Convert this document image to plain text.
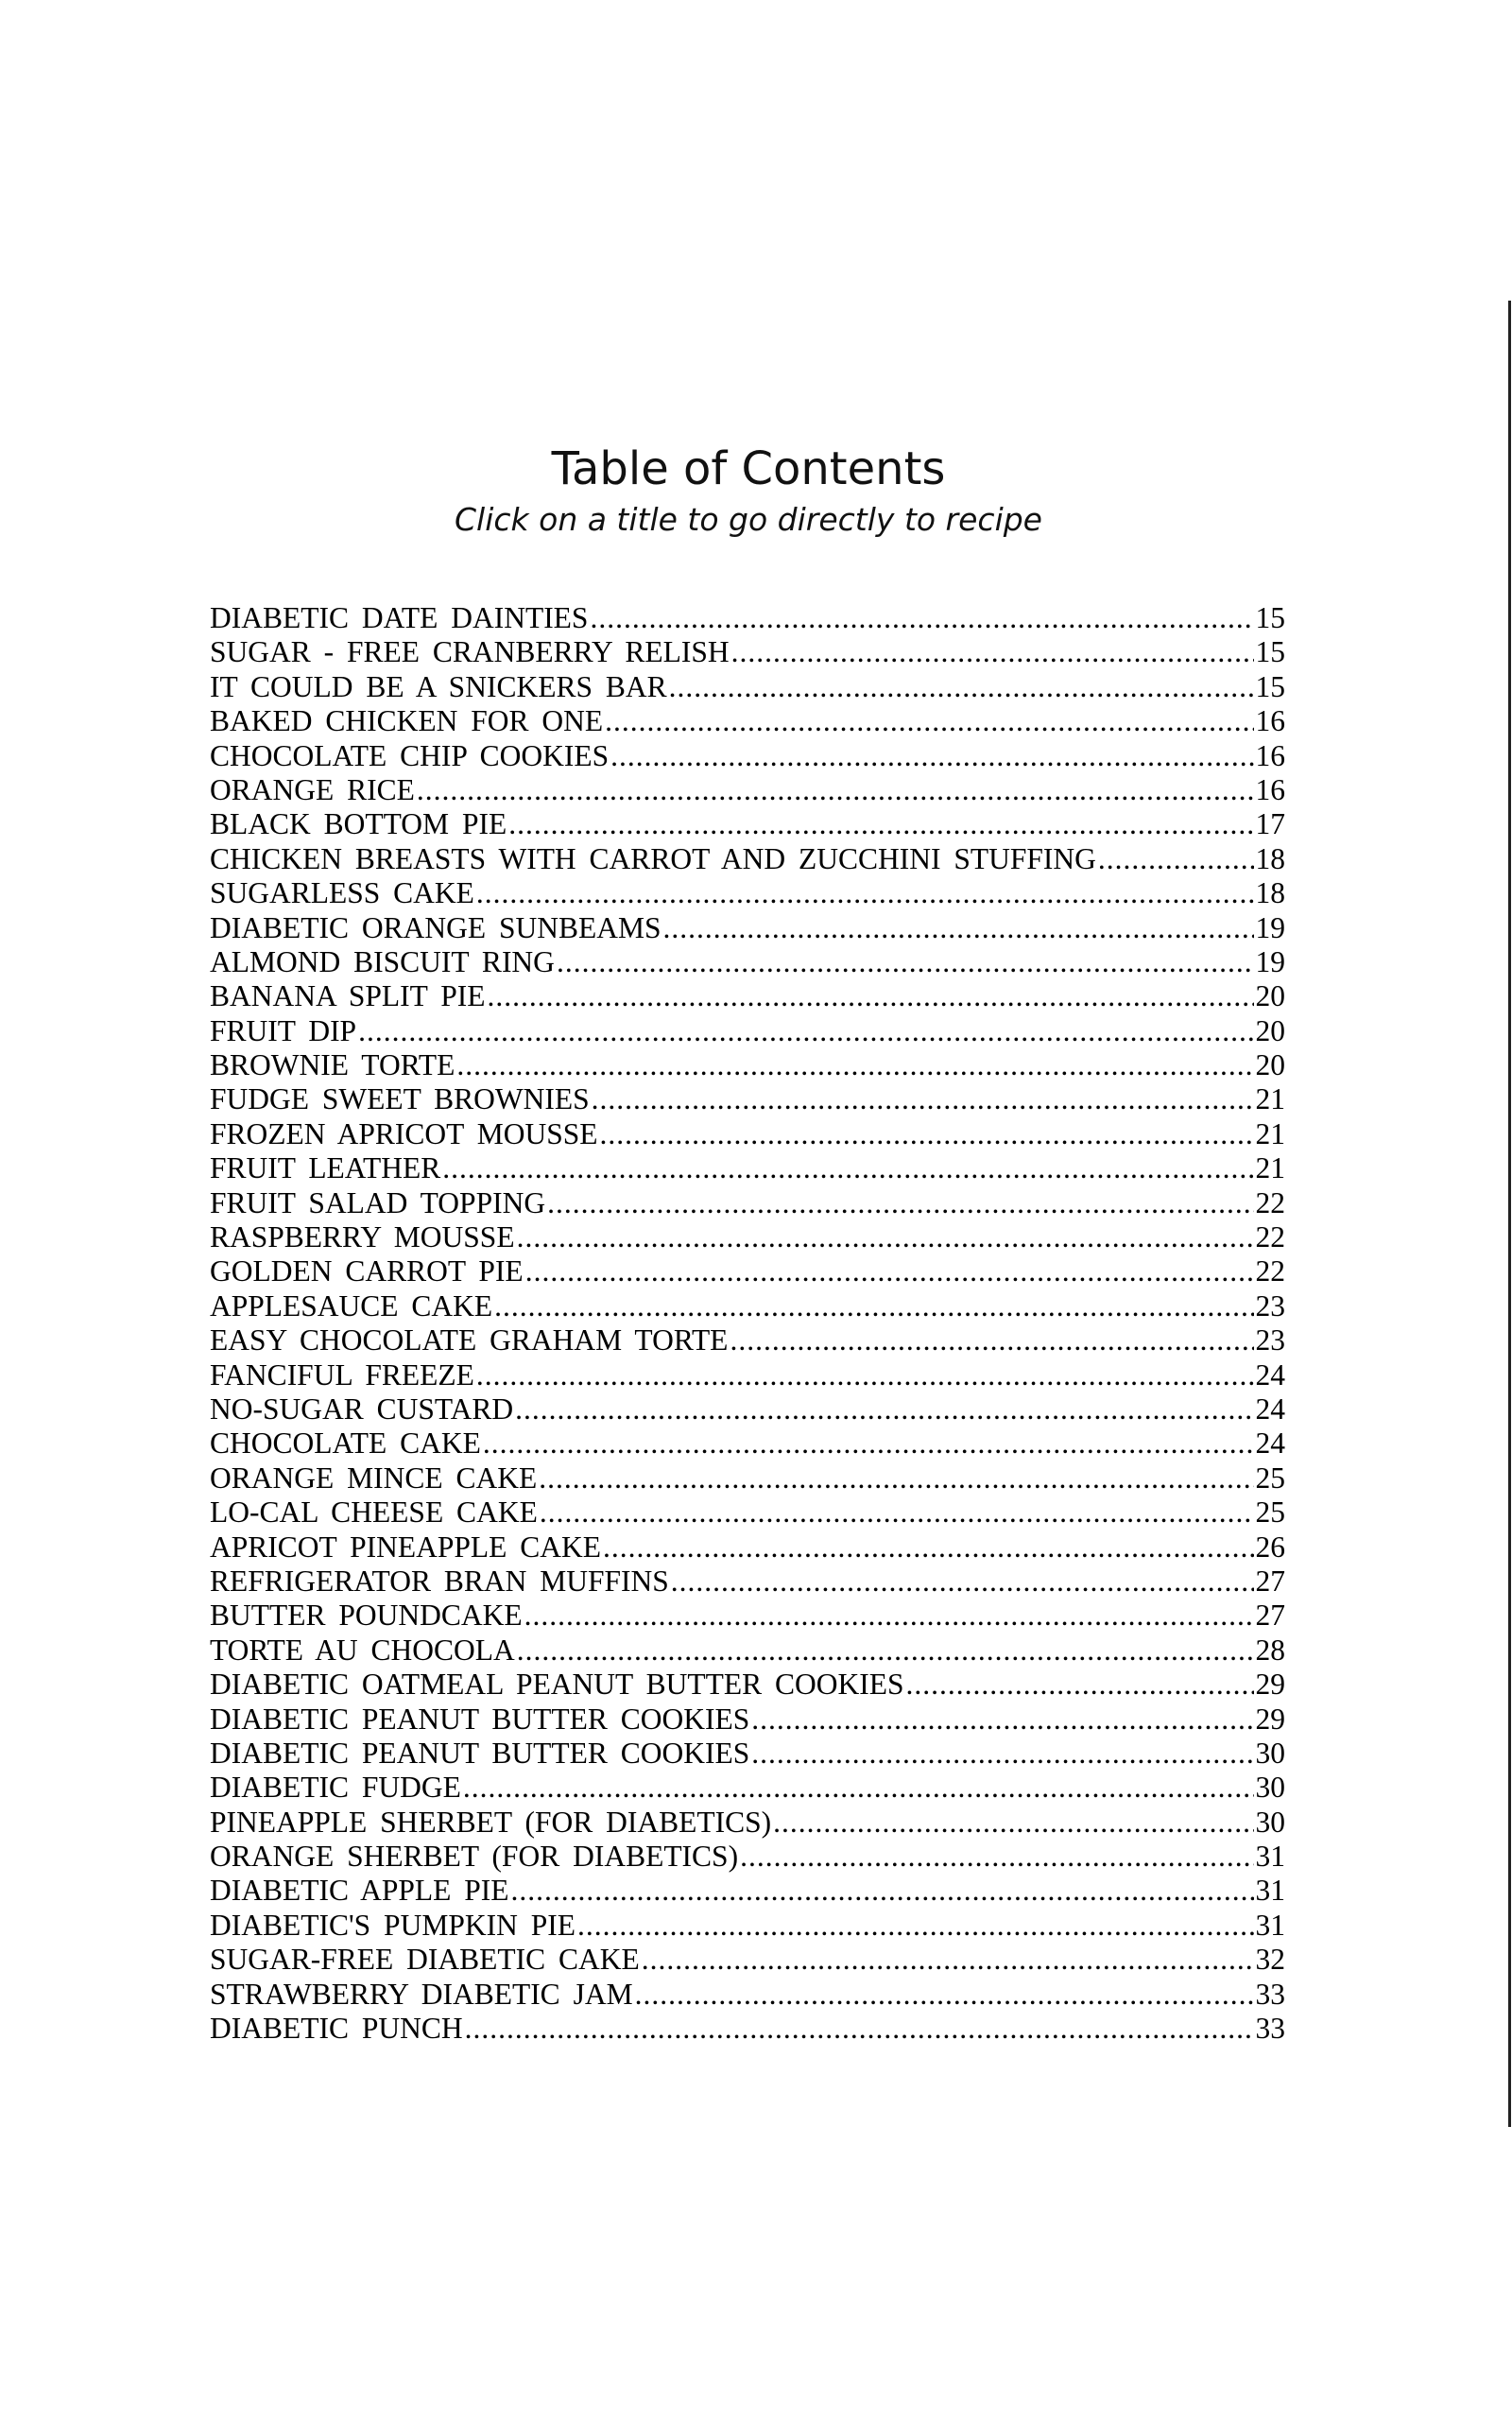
Table of Contents
Click on a title to go directly to recipe
DIABETIC DATE DAINTIES .....	15
SUGAR - FREE CRANBERRY RELISH .....	15
IT COULD BE A SNICKERS BAR .....	15
BAKED CHICKEN FOR ONE .....	16
CHOCOLATE CHIP COOKIES .....	16
ORANGE RICE .....	16
BLACK BOTTOM PIE .....	17
CHICKEN BREASTS WITH CARROT AND ZUCCHINI STUFFING .....	18
SUGARLESS CAKE .....	18
DIABETIC ORANGE SUNBEAMS .....	19
ALMOND BISCUIT RING .....	19
BANANA SPLIT PIE .....	20
FRUIT DIP .....	20
BROWNIE TORTE .....	20
FUDGE SWEET BROWNIES .....	21
FROZEN APRICOT MOUSSE .....	21
FRUIT LEATHER .....	21
FRUIT SALAD TOPPING .....	22
RASPBERRY MOUSSE .....	22
GOLDEN CARROT PIE .....	22
APPLESAUCE CAKE .....	23
EASY CHOCOLATE GRAHAM TORTE .....	23
FANCIFUL FREEZE .....	24
NO-SUGAR CUSTARD .....	24
CHOCOLATE CAKE .....	24
ORANGE MINCE CAKE .....	25
LO-CAL CHEESE CAKE .....	25
APRICOT PINEAPPLE CAKE .....	26
REFRIGERATOR BRAN MUFFINS .....	27
BUTTER POUNDCAKE .....	27
TORTE AU CHOCOLA .....	28
DIABETIC OATMEAL PEANUT BUTTER COOKIES .....	29
DIABETIC PEANUT BUTTER COOKIES .....	29
DIABETIC PEANUT BUTTER COOKIES .....	30
DIABETIC FUDGE .....	30
PINEAPPLE SHERBET (FOR DIABETICS) .....	30
ORANGE SHERBET (FOR DIABETICS) .....	31
DIABETIC APPLE PIE .....	31
DIABETIC'S PUMPKIN PIE .....	31
SUGAR-FREE DIABETIC CAKE .....	32
STRAWBERRY DIABETIC JAM .....	33
DIABETIC PUNCH .....	33
